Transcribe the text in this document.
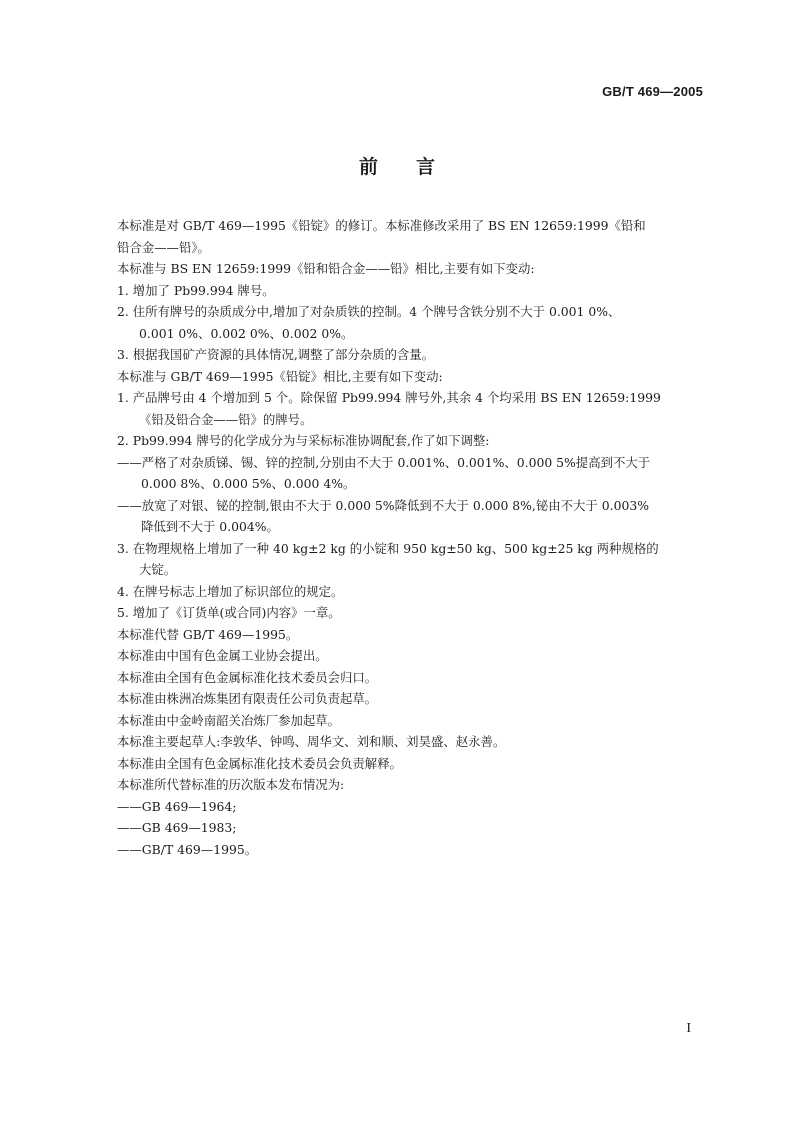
GB/T 469—2005
前言
本标准是对 GB/T 469—1995《铅锭》的修订。本标准修改采用了 BS EN 12659:1999《铅和
铅合金——铅》。
本标准与 BS EN 12659:1999《铅和铅合金——铅》相比,主要有如下变动:
1. 增加了 Pb99.994 牌号。
2. 住所有牌号的杂质成分中,增加了对杂质铁的控制。4 个牌号含铁分别不大于 0.001 0%、
0.001 0%、0.002 0%、0.002 0%。
3. 根据我国矿产资源的具体情况,调整了部分杂质的含量。
本标准与 GB/T 469—1995《铅锭》相比,主要有如下变动:
1. 产品牌号由 4 个增加到 5 个。除保留 Pb99.994 牌号外,其余 4 个均采用 BS EN 12659:1999
《铅及铅合金——铅》的牌号。
2. Pb99.994 牌号的化学成分为与采标标准协调配套,作了如下调整:
——严格了对杂质锑、锡、锌的控制,分别由不大于 0.001%、0.001%、0.000 5%提高到不大于
0.000 8%、0.000 5%、0.000 4%。
——放宽了对银、铋的控制,银由不大于 0.000 5%降低到不大于 0.000 8%,铋由不大于 0.003%
降低到不大于 0.004%。
3. 在物理规格上增加了一种 40 kg±2 kg 的小锭和 950 kg±50 kg、500 kg±25 kg 两种规格的
大锭。
4. 在牌号标志上增加了标识部位的规定。
5. 增加了《订货单(或合同)内容》一章。
本标准代替 GB/T 469—1995。
本标准由中国有色金属工业协会提出。
本标准由全国有色金属标准化技术委员会归口。
本标准由株洲冶炼集团有限责任公司负责起草。
本标准由中金岭南韶关冶炼厂参加起草。
本标准主要起草人:李敦华、钟鸣、周华文、刘和顺、刘昊盛、赵永善。
本标准由全国有色金属标准化技术委员会负责解释。
本标准所代替标准的历次版本发布情况为:
——GB 469—1964;
——GB 469—1983;
——GB/T 469—1995。
I
